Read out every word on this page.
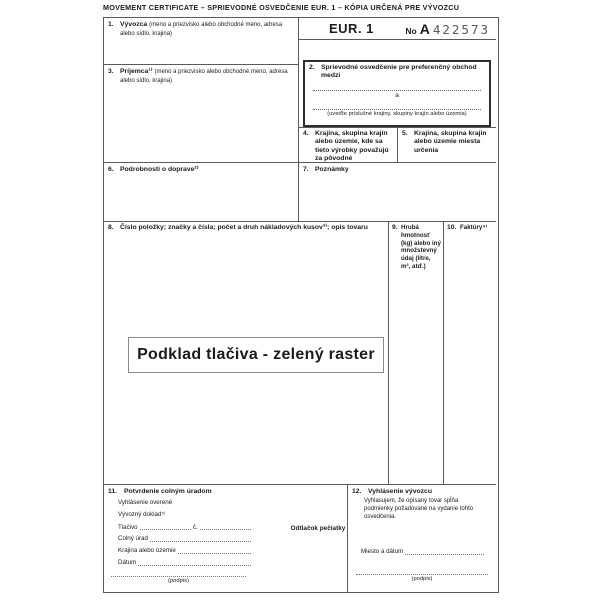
MOVEMENT CERTIFICATE – SPRIEVODNÉ OSVEDČENIE EUR. 1 – KÓPIA URČENÁ PRE VÝVOZCU
1. Vývozca (meno a priezvisko alebo obchodné meno, adresa alebo sídlo, krajina)
3. Príjemca¹⁾ (meno a priezvisko alebo obchodné meno, adresa alebo sídlo, krajina)
6. Podrobnosti o doprave²⁾
EUR. 1	No A 422573
2. Sprievodné osvedčenie pre preferenčný obchod medzi
a
(uveďte príslušné krajiny, skupiny krajín alebo územia)
4. Krajina, skupina krajín alebo územie, kde sa tieto výrobky považujú za pôvodné
5. Krajina, skupina krajín alebo územie miesta určenia
7. Poznámky
8. Číslo položky; značky a čísla; počet a druh nákladových kusov³⁾; opis tovaru	9. Hrubá hmotnosť (kg) alebo iný množstevný údaj (litre, m³, atď.)
10. Faktúry⁴⁾
Podklad tlačiva - zelený raster
11.	Potvrdenie colným úradom
Vyhlásenie overené
Vývozný doklad⁵⁾
Tlačivo	č.
Colný úrad
Krajina alebo územie
Dátum
(podpis)
Odtlačok pečiatky
12. Vyhlásenie vývozcu
Vyhlasujem, že opísaný tovar spĺňa podmienky požadované na vydanie tohto osvedčenia.
Miesto a dátum
(podpis)
